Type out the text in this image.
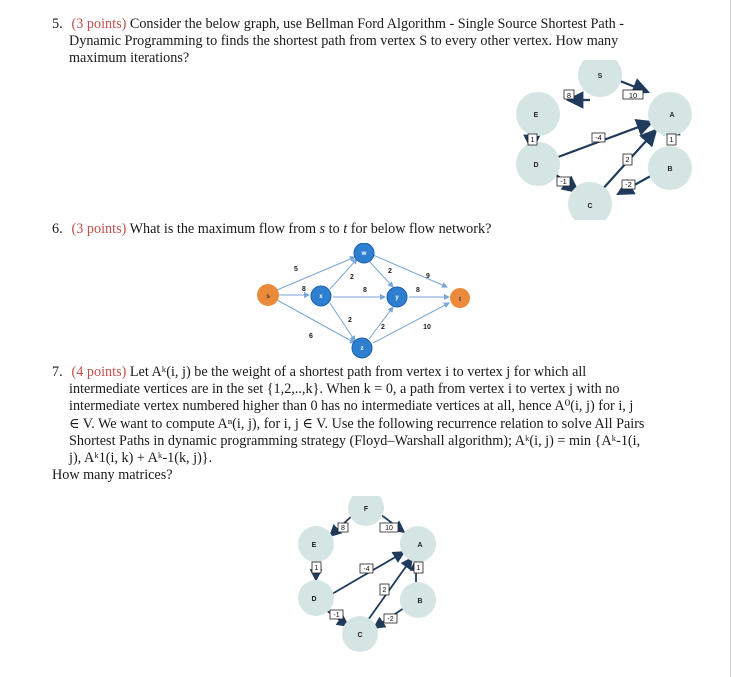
5. (3 points) Consider the below graph, use Bellman Ford Algorithm - Single Source Shortest Path -
Dynamic Programming to finds the shortest path from vertex S to every other vertex. How many
maximum iterations?
S
E	A
D
B
C
8	10
1	-4
2
1
-1	-2
6. (3 points) What is the maximum flow from s to t for below flow network?
s
w
x	y
z
t
5
8
6
2
8
2
2
9
8
2	10
7. (4 points) Let Aᵏ(i, j) be the weight of a shortest path from vertex i to vertex j for which all
intermediate vertices are in the set {1,2,..,k}. When k = 0, a path from vertex i to vertex j with no
intermediate vertex numbered higher than 0 has no intermediate vertices at all, hence A⁰(i, j) for i, j
∈ V. We want to compute Aⁿ(i, j), for i, j ∈ V. Use the following recurrence relation to solve All Pairs
Shortest Paths in dynamic programming strategy (Floyd–Warshall algorithm); Aᵏ(i, j) = min {Aᵏ-1(i,
j), Aᵏ1(i, k) + Aᵏ-1(k, j)}.
How many matrices?
F
E	A
D	B
C
8	10
1	-4
2
1
-1
-2
